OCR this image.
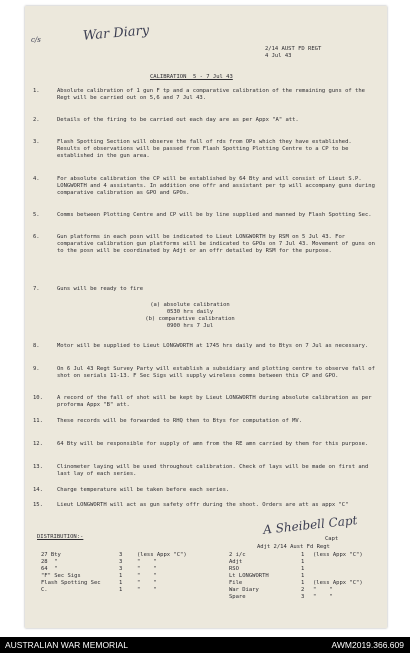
c/s	War Diary
2/14 AUST FD REGT
4 Jul 43
CALIBRATION  5 - 7 Jul 43
1.	Absolute calibration of 1 gun F tp and a comparative calibration of the remaining guns of the Regt will be carried out on 5,6 and 7 Jul 43.
2.	Details of the firing to be carried out each day are as per Appx "A" att.
3.	Flash Spotting Section will observe the fall of rds from OPs which they have established. Results of observations will be passed from Flash Spotting Plotting Centre to a CP to be established in the gun area.
4.	For absolute calibration the CP will be established by 64 Bty and will consist of Lieut S.P. LONGWORTH and 4 assistants. In addition one offr and assistant per tp will accompany guns during comparative calibration as GPO and GPOs.
5.	Comms between Plotting Centre and CP will be by line supplied and manned by Flash Spotting Sec.
6.	Gun platforms in each posn will be indicated to Lieut LONGWORTH by RSM on 5 Jul 43. For comparative calibration gun platforms will be indicated to GPOs on 7 Jul 43. Movement of guns on to the posn will be coordinated by Adjt or an offr detailed by RSM for the purpose.
7.	Guns will be ready to fire
(a) absolute calibration
0530 hrs daily
(b) comparative calibration
0900 hrs 7 Jul
8.	Motor will be supplied to Lieut LONGWORTH at 1745 hrs daily and to Btys on 7 Jul as necessary.
9.	On 6 Jul 43 Regt Survey Party will establish a subsidiary and plotting centre to observe fall of shot on serials 11-13. F Sec Sigs will supply wireless comms between this CP and GPO.
10.	A record of the fall of shot will be kept by Lieut LONGWORTH during absolute calibration as per proforma Appx "B" att.
11.	These records will be forwarded to RHQ then to Btys for computation of MV.
12.	64 Bty will be responsible for supply of amn from the RE amn carried by them for this purpose.
13.	Clinometer laying will be used throughout calibration. Check of lays will be made on first and last lay of each series.
14.	Charge temperature will be taken before each series.
15.	Lieut LONGWORTH will act as gun safety offr during the shoot. Orders are att as appx "C"
A Sheibell Capt
Capt
Adjt 2/14 Aust Fd Regt
DISTRIBUTION:-

27 Bty	3	(less Appx "C")

	2 i/c	1 (less Appx "C")

28  "	3	"    "

	Adjt	1

64  "	3	"    "

	RSO	1

"F" Sec Sigs	1	"    "

	Lt LONGWORTH	1

Flash Spotting Sec	1	"    "

	File	1 (less Appx "C")

C.	1	"    "

	War Diary	2 "    "

Spare	3 "    "

AUSTRALIAN WAR MEMORIAL	AWM2019.366.609
